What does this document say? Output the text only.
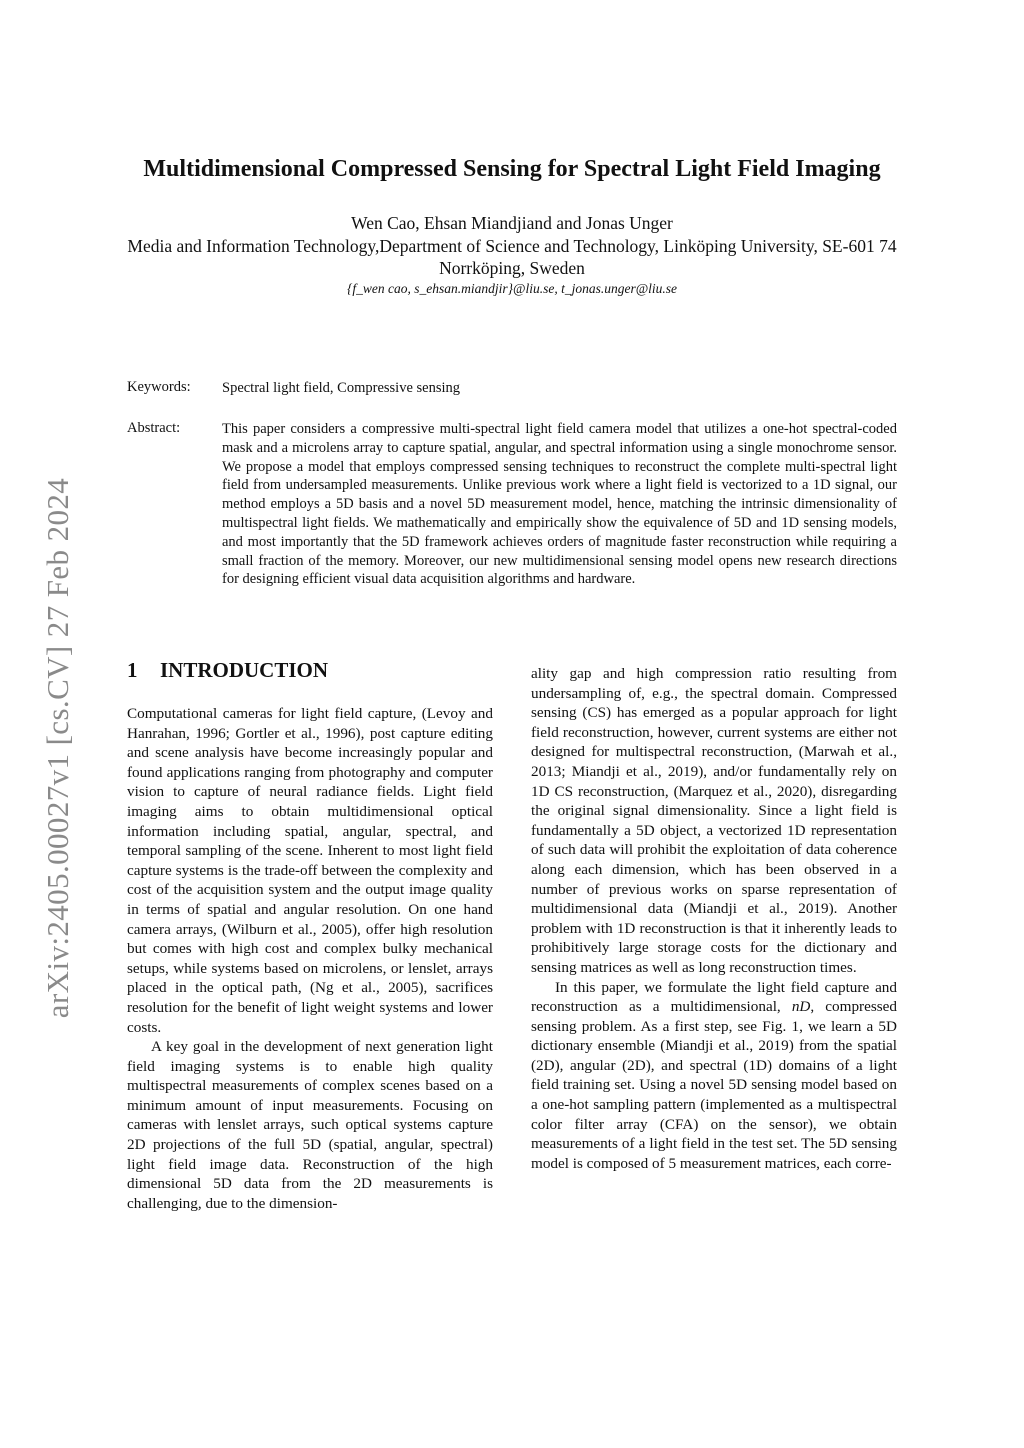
arXiv:2405.00027v1 [cs.CV] 27 Feb 2024
Multidimensional Compressed Sensing for Spectral Light Field Imaging

Wen Cao, Ehsan Miandjiand and Jonas Unger

Media and Information Technology,Department of Science and Technology, Linköping University, SE-601 74 Norrköping, Sweden

{f_wen cao, s_ehsan.miandjir}@liu.se, t_jonas.unger@liu.se

Keywords: Spectral light field, Compressive sensing

Abstract:	This paper considers a compressive multi-spectral light field camera model that utilizes a one-hot spectral-coded mask and a microlens array to capture spatial, angular, and spectral information using a single monochrome sensor. We propose a model that employs compressed sensing techniques to reconstruct the complete multi-spectral light field from undersampled measurements. Unlike previous work where a light field is vectorized to a 1D signal, our method employs a 5D basis and a novel 5D measurement model, hence, matching the intrinsic dimensionality of multispectral light fields. We mathematically and empirically show the equivalence of 5D and 1D sensing models, and most importantly that the 5D framework achieves orders of magnitude faster reconstruction while requiring a small fraction of the memory. Moreover, our new multidimensional sensing model opens new research directions for designing efficient visual data acquisition algorithms and hardware.

1 INTRODUCTION

Computational cameras for light field capture, (Levoy and Hanrahan, 1996; Gortler et al., 1996), post capture editing and scene analysis have become increasingly popular and found applications ranging from photography and computer vision to capture of neural radiance fields. Light field imaging aims to obtain multidimensional optical information including spatial, angular, spectral, and temporal sampling of the scene. Inherent to most light field capture systems is the trade-off between the complexity and cost of the acquisition system and the output image quality in terms of spatial and angular resolution. On one hand camera arrays, (Wilburn et al., 2005), offer high resolution but comes with high cost and complex bulky mechanical setups, while systems based on microlens, or lenslet, arrays placed in the optical path, (Ng et al., 2005), sacrifices resolution for the benefit of light weight systems and lower costs.

A key goal in the development of next generation light field imaging systems is to enable high quality multispectral measurements of complex scenes based on a minimum amount of input measurements. Focusing on cameras with lenslet arrays, such optical systems capture 2D projections of the full 5D (spatial, angular, spectral) light field image data. Reconstruction of the high dimensional 5D data from the 2D measurements is challenging, due to the dimension-

ality gap and high compression ratio resulting from undersampling of, e.g., the spectral domain. Compressed sensing (CS) has emerged as a popular approach for light field reconstruction, however, current systems are either not designed for multispectral reconstruction, (Marwah et al., 2013; Miandji et al., 2019), and/or fundamentally rely on 1D CS reconstruction, (Marquez et al., 2020), disregarding the original signal dimensionality. Since a light field is fundamentally a 5D object, a vectorized 1D representation of such data will prohibit the exploitation of data coherence along each dimension, which has been observed in a number of previous works on sparse representation of multidimensional data (Miandji et al., 2019). Another problem with 1D reconstruction is that it inherently leads to prohibitively large storage costs for the dictionary and sensing matrices as well as long reconstruction times.

In this paper, we formulate the light field capture and reconstruction as a multidimensional, nD, compressed sensing problem. As a first step, see Fig. 1, we learn a 5D dictionary ensemble (Miandji et al., 2019) from the spatial (2D), angular (2D), and spectral (1D) domains of a light field training set. Using a novel 5D sensing model based on a one-hot sampling pattern (implemented as a multispectral color filter array (CFA) on the sensor), we obtain measurements of a light field in the test set. The 5D sensing model is composed of 5 measurement matrices, each corre-
